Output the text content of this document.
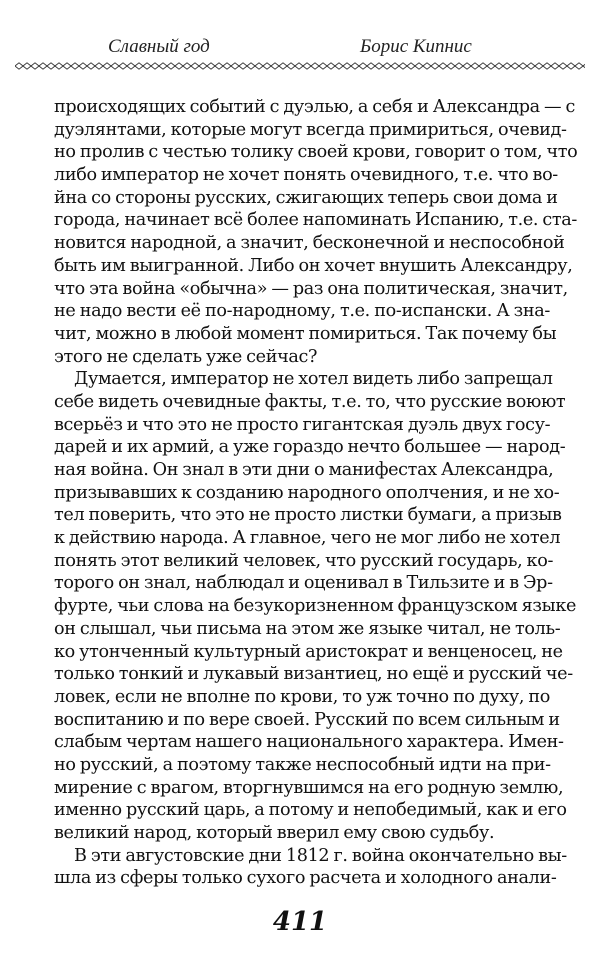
Славный год	Борис Кипнис
происходящих событий с дуэлью, а себя и Александра — с
дуэлянтами, которые могут всегда примириться, очевид-
но пролив с честью толику своей крови, говорит о том, что
либо император не хочет понять очевидного, т.е. что во-
йна со стороны русских, сжигающих теперь свои дома и
города, начинает всё более напоминать Испанию, т.е. ста-
новится народной, а значит, бесконечной и неспособной
быть им выигранной. Либо он хочет внушить Александру,
что эта война «обычна» — раз она политическая, значит,
не надо вести её по-народному, т.е. по-испански. А зна-
чит, можно в любой момент помириться. Так почему бы
этого не сделать уже сейчас?
Думается, император не хотел видеть либо запрещал
себе видеть очевидные факты, т.е. то, что русские воюют
всерьёз и что это не просто гигантская дуэль двух госу-
дарей и их армий, а уже гораздо нечто большее — народ-
ная война. Он знал в эти дни о манифестах Александра,
призывавших к созданию народного ополчения, и не хо-
тел поверить, что это не просто листки бумаги, а призыв
к действию народа. А главное, чего не мог либо не хотел
понять этот великий человек, что русский государь, ко-
торого он знал, наблюдал и оценивал в Тильзите и в Эр-
фурте, чьи слова на безукоризненном французском языке
он слышал, чьи письма на этом же языке читал, не толь-
ко утонченный культурный аристократ и венценосец, не
только тонкий и лукавый византиец, но ещё и русский че-
ловек, если не вполне по крови, то уж точно по духу, по
воспитанию и по вере своей. Русский по всем сильным и
слабым чертам нашего национального характера. Имен-
но русский, а поэтому также неспособный идти на при-
мирение с врагом, вторгнувшимся на его родную землю,
именно русский царь, а потому и непобедимый, как и его
великий народ, который вверил ему свою судьбу.
В эти августовские дни 1812 г. война окончательно вы-
шла из сферы только сухого расчета и холодного анали-
411
